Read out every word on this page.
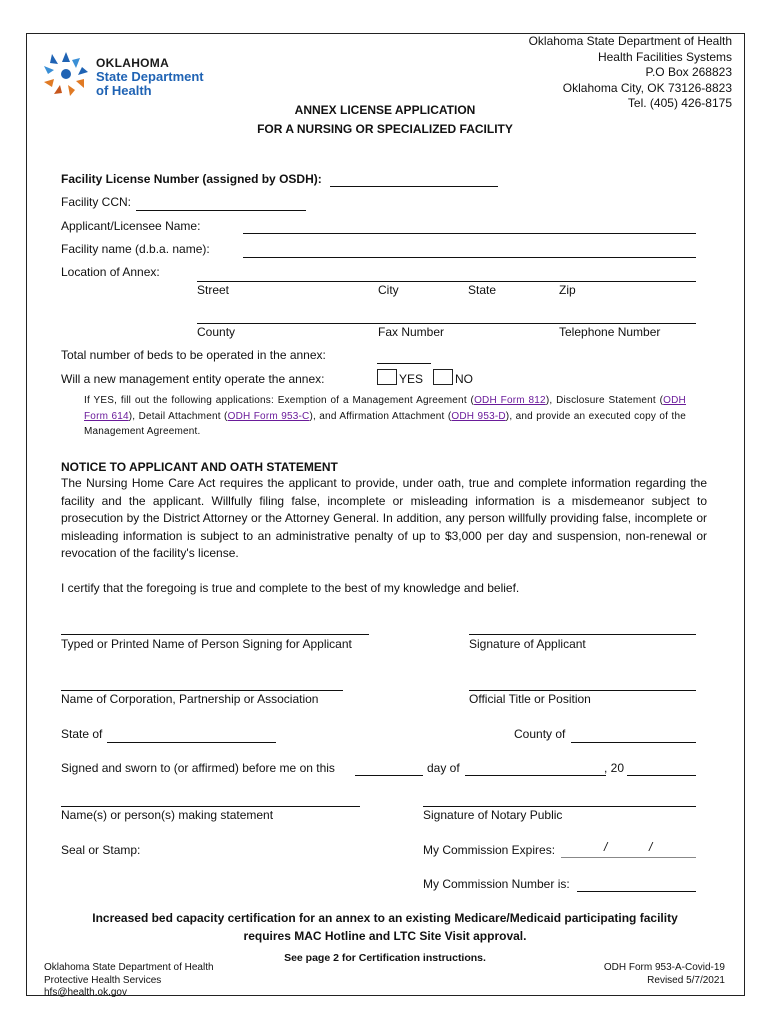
OKLAHOMA
State Department
of Health
Oklahoma State Department of Health
Health Facilities Systems
P.O Box 268823
Oklahoma City, OK 73126-8823
Tel. (405) 426-8175
ANNEX LICENSE APPLICATION
FOR A NURSING OR SPECIALIZED FACILITY
Facility License Number (assigned by OSDH):
Facility CCN:
Applicant/Licensee Name:
Facility name (d.b.a. name):
Location of Annex:
Street	City	State	Zip
County	Fax Number	Telephone Number
Total number of beds to be operated in the annex:
Will a new management entity operate the annex:	YES	NO
If YES, fill out the following applications: Exemption of a Management Agreement (ODH Form 812), Disclosure Statement (ODH Form 614), Detail Attachment (ODH Form 953-C), and Affirmation Attachment (ODH 953-D), and provide an executed copy of the Management Agreement.
NOTICE TO APPLICANT AND OATH STATEMENT
The Nursing Home Care Act requires the applicant to provide, under oath, true and complete information regarding the facility and the applicant. Willfully filing false, incomplete or misleading information is a misdemeanor subject to prosecution by the District Attorney or the Attorney General. In addition, any person willfully providing false, incomplete or misleading information is subject to an administrative penalty of up to $3,000 per day and suspension, non-renewal or revocation of the facility's license.
I certify that the foregoing is true and complete to the best of my knowledge and belief.
Typed or Printed Name of Person Signing for Applicant	Signature of Applicant
Name of Corporation, Partnership or Association	Official Title or Position
State of	County of
Signed and sworn to (or affirmed) before me on this	day of	, 20
Name(s) or person(s) making statement	Signature of Notary Public
Seal or Stamp:	My Commission Expires:	/	/
My Commission Number is:
Increased bed capacity certification for an annex to an existing Medicare/Medicaid participating facility
requires MAC Hotline and LTC Site Visit approval.
See page 2 for Certification instructions.
Oklahoma State Department of Health
Protective Health Services
hfs@health.ok.gov
ODH Form 953-A-Covid-19
Revised 5/7/2021
